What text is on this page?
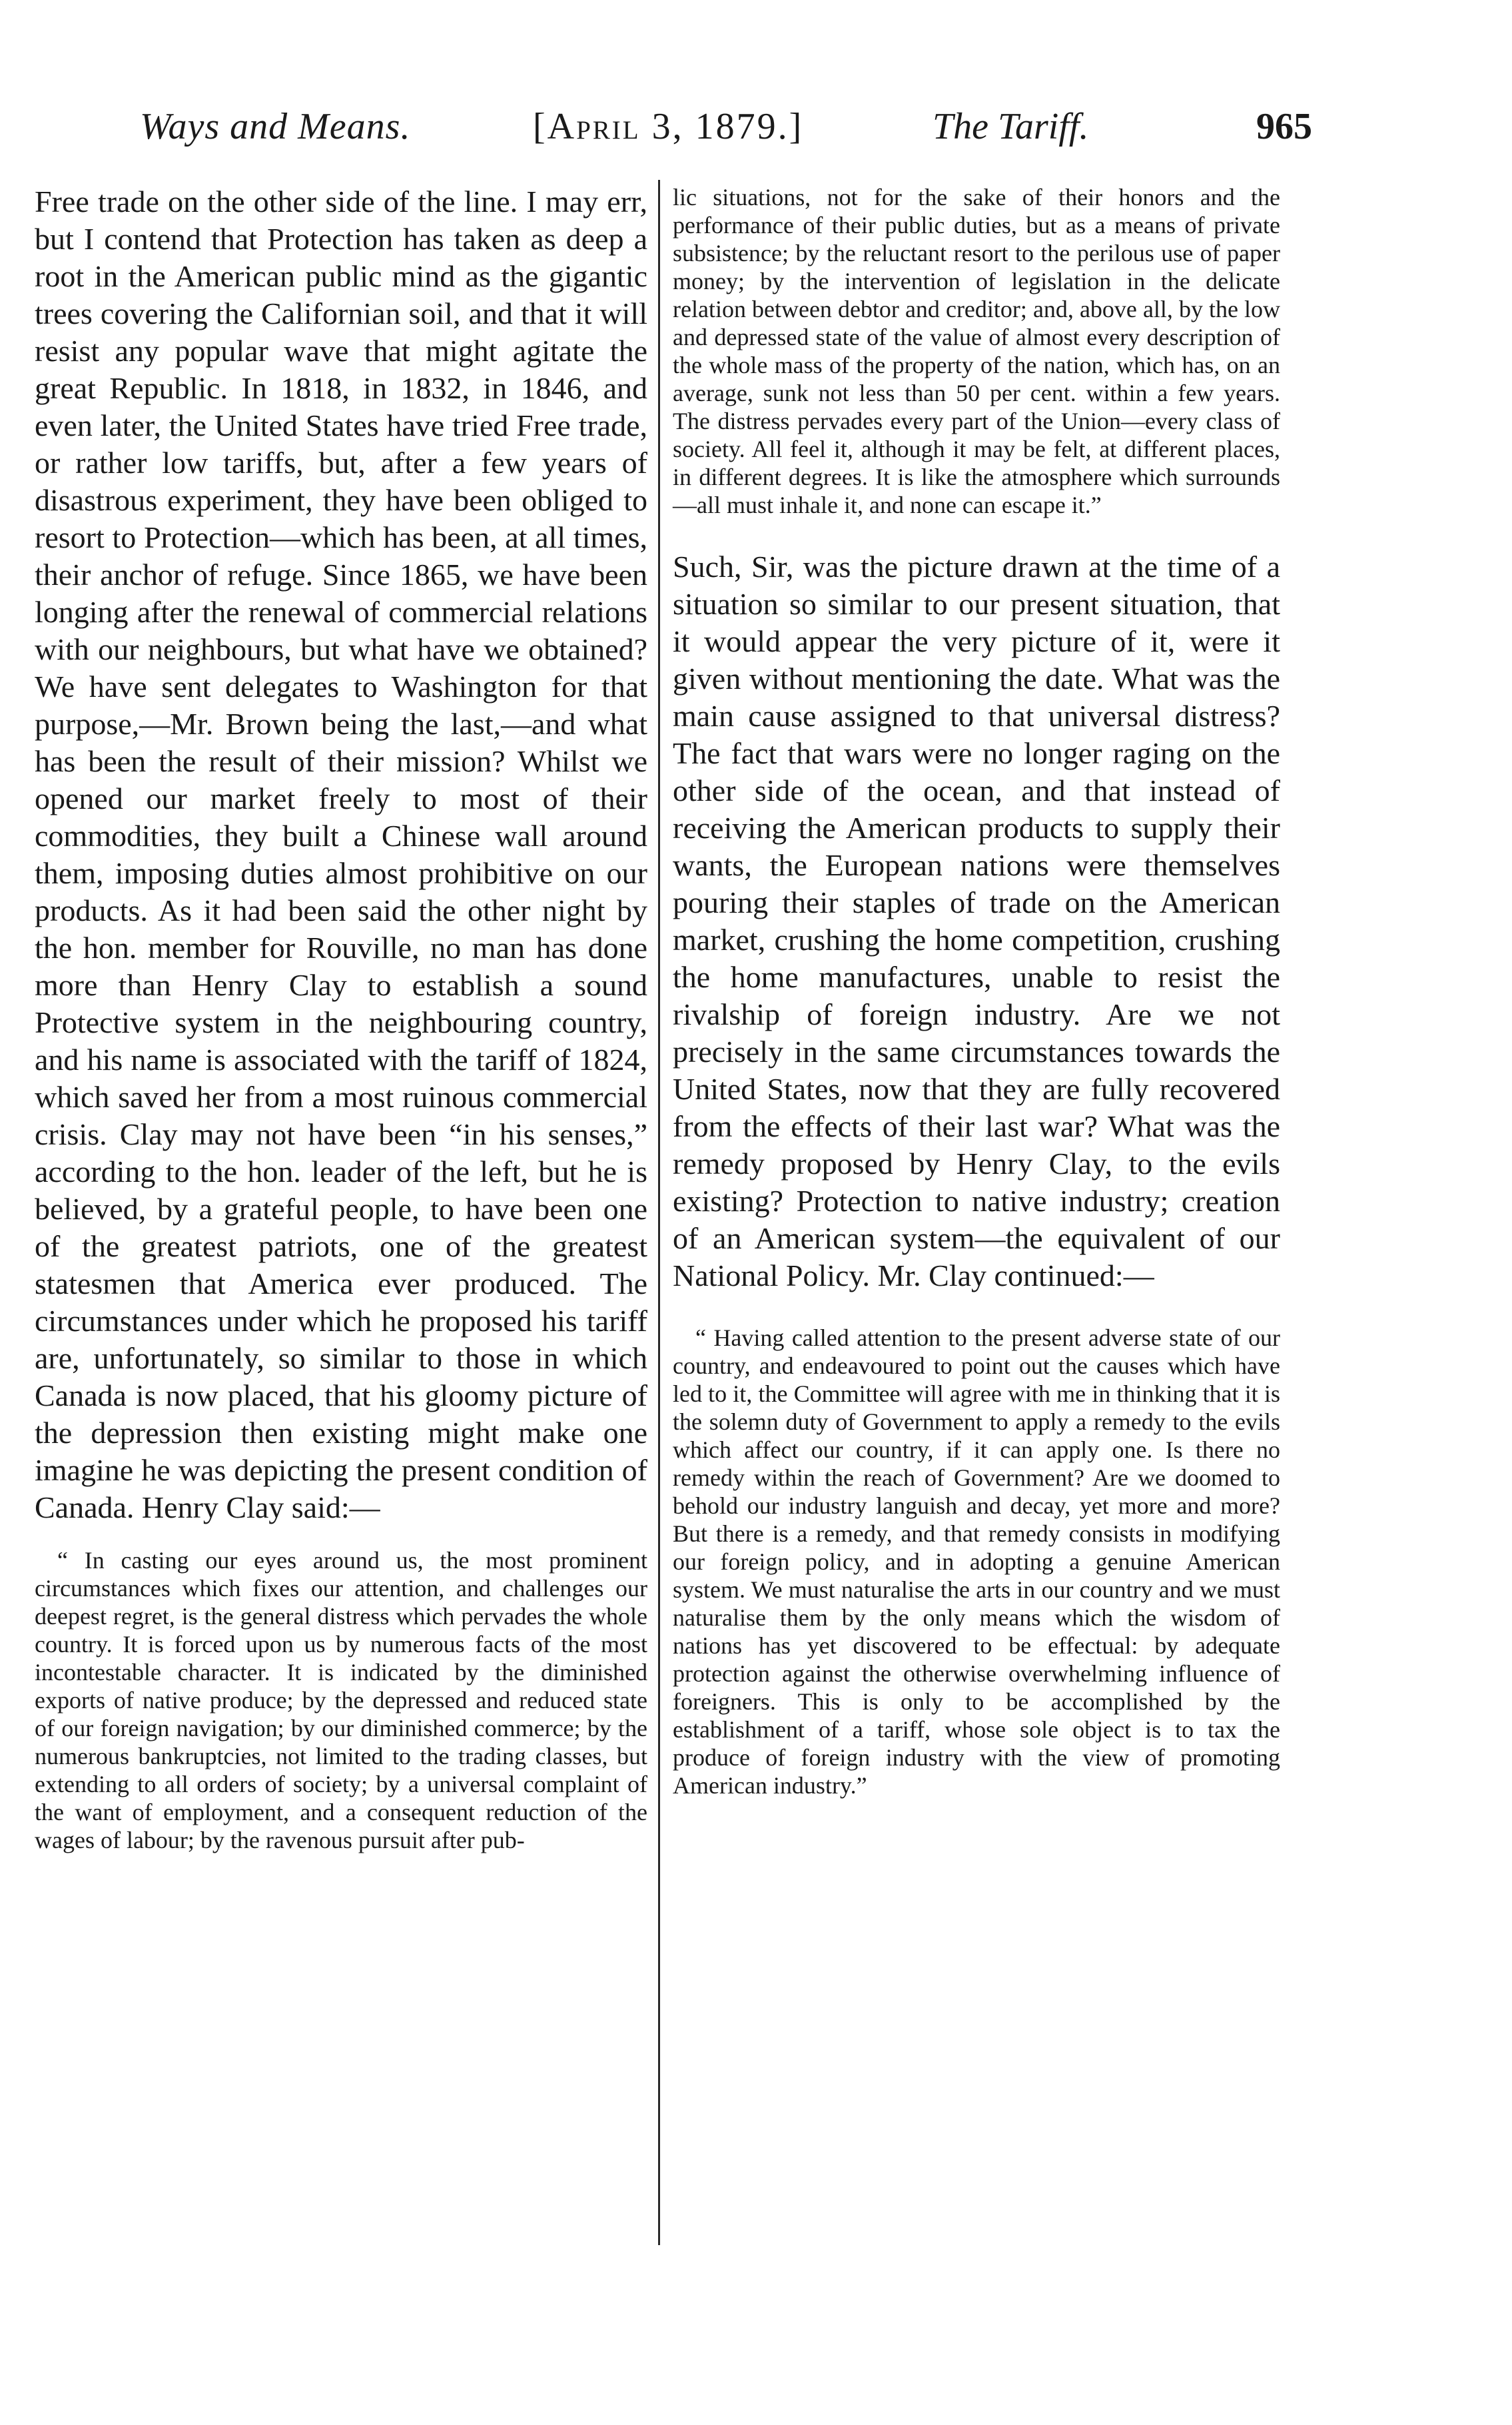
Ways and Means.	[April 3, 1879.]	The Tariff.	965

Free trade on the other side of the line. I may err, but I contend that Protection has taken as deep a root in the American public mind as the gigantic trees covering the Californian soil, and that it will resist any popular wave that might agitate the great Republic. In 1818, in 1832, in 1846, and even later, the United States have tried Free trade, or rather low tariffs, but, after a few years of disastrous experiment, they have been obliged to resort to Protection—which has been, at all times, their anchor of refuge. Since 1865, we have been longing after the renewal of commercial relations with our neighbours, but what have we obtained? We have sent delegates to Washington for that purpose,—Mr. Brown being the last,—and what has been the result of their mission? Whilst we opened our market freely to most of their commodities, they built a Chinese wall around them, imposing duties almost prohibitive on our products. As it had been said the other night by the hon. member for Rouville, no man has done more than Henry Clay to establish a sound Protective system in the neighbouring country, and his name is associated with the tariff of 1824, which saved her from a most ruinous commercial crisis. Clay may not have been “in his senses,” according to the hon. leader of the left, but he is believed, by a grateful people, to have been one of the greatest patriots, one of the greatest statesmen that America ever produced. The circumstances under which he proposed his tariff are, unfortunately, so similar to those in which Canada is now placed, that his gloomy picture of the depression then existing might make one imagine he was depicting the present condition of Canada. Henry Clay said:—

“ In casting our eyes around us, the most prominent circumstances which fixes our attention, and challenges our deepest regret, is the general distress which pervades the whole country. It is forced upon us by numerous facts of the most incontestable character. It is indicated by the diminished exports of native produce; by the depressed and reduced state of our foreign navigation; by our diminished commerce; by the numerous bankruptcies, not limited to the trading classes, but extending to all orders of society; by a universal complaint of the want of employment, and a consequent reduction of the wages of labour; by the ravenous pursuit after pub-

lic situations, not for the sake of their honors and the performance of their public duties, but as a means of private subsistence; by the reluctant resort to the perilous use of paper money; by the intervention of legislation in the delicate relation between debtor and creditor; and, above all, by the low and depressed state of the value of almost every description of the whole mass of the property of the nation, which has, on an average, sunk not less than 50 per cent. within a few years. The distress pervades every part of the Union—every class of society. All feel it, although it may be felt, at different places, in different degrees. It is like the atmosphere which surrounds—all must inhale it, and none can escape it.”

Such, Sir, was the picture drawn at the time of a situation so similar to our present situation, that it would appear the very picture of it, were it given without mentioning the date. What was the main cause assigned to that universal distress? The fact that wars were no longer raging on the other side of the ocean, and that instead of receiving the American products to supply their wants, the European nations were themselves pouring their staples of trade on the American market, crushing the home competition, crushing the home manufactures, unable to resist the rivalship of foreign industry. Are we not precisely in the same circumstances towards the United States, now that they are fully recovered from the effects of their last war? What was the remedy proposed by Henry Clay, to the evils existing? Protection to native industry; creation of an American system—the equivalent of our National Policy. Mr. Clay continued:—

“ Having called attention to the present adverse state of our country, and endeavoured to point out the causes which have led to it, the Committee will agree with me in thinking that it is the solemn duty of Government to apply a remedy to the evils which affect our country, if it can apply one. Is there no remedy within the reach of Government? Are we doomed to behold our industry languish and decay, yet more and more? But there is a remedy, and that remedy consists in modifying our foreign policy, and in adopting a genuine American system. We must naturalise the arts in our country and we must naturalise them by the only means which the wisdom of nations has yet discovered to be effectual: by adequate protection against the otherwise overwhelming influence of foreigners. This is only to be accomplished by the establishment of a tariff, whose sole object is to tax the produce of foreign industry with the view of promoting American industry.”
